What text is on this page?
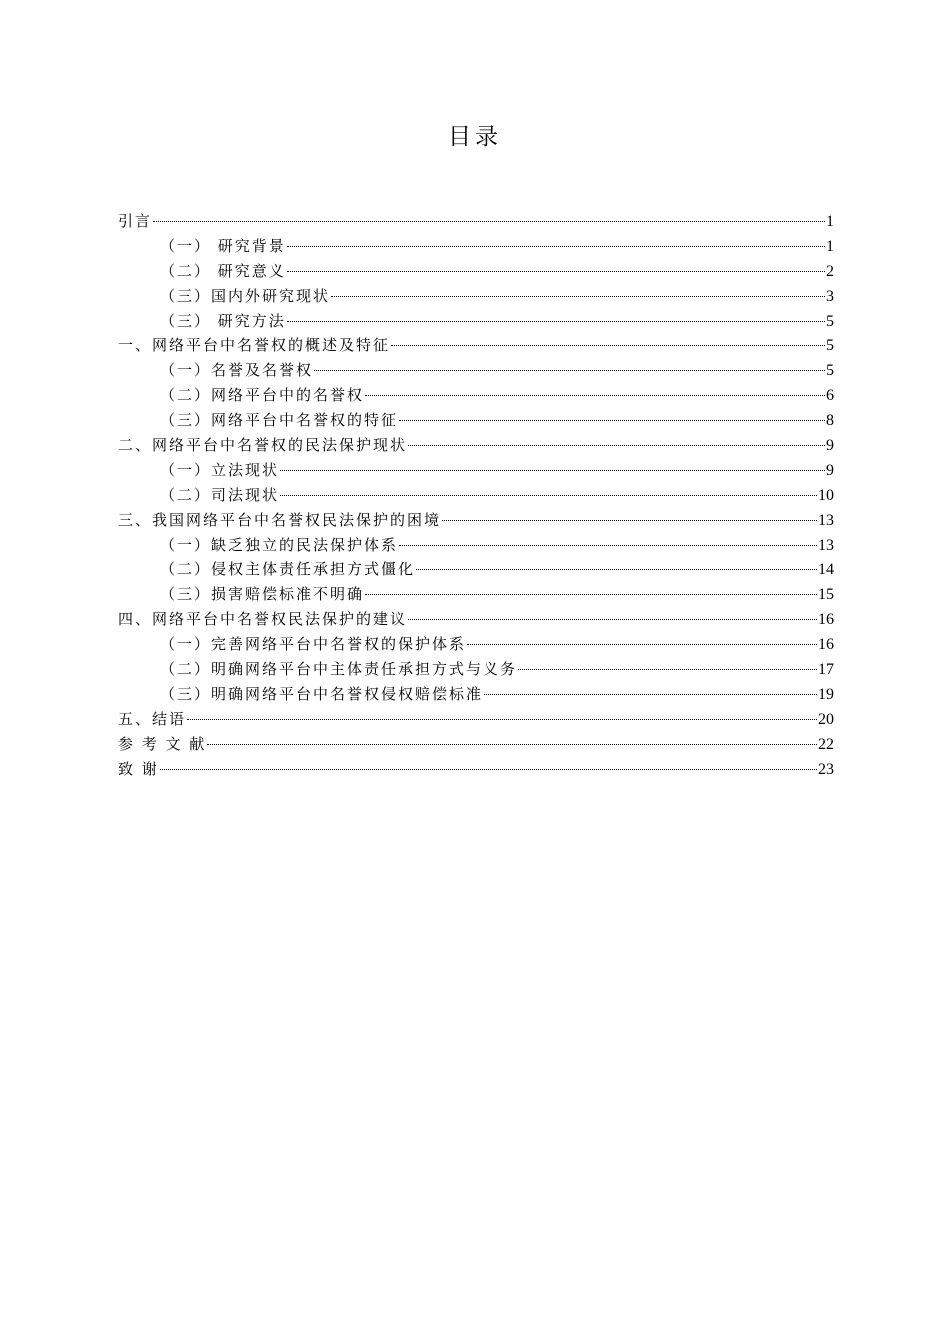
目录
引言	1
（一） 研究背景	1
（二） 研究意义	2
（三）国内外研究现状	3
（三） 研究方法	5
一、网络平台中名誉权的概述及特征	5
（一）名誉及名誉权	5
（二）网络平台中的名誉权	6
（三）网络平台中名誉权的特征	8
二、网络平台中名誉权的民法保护现状	9
（一）立法现状	9
（二）司法现状	10
三、我国网络平台中名誉权民法保护的困境	13
（一）缺乏独立的民法保护体系	13
（二）侵权主体责任承担方式僵化	14
（三）损害赔偿标准不明确	15
四、网络平台中名誉权民法保护的建议	16
（一）完善网络平台中名誉权的保护体系	16
（二）明确网络平台中主体责任承担方式与义务	17
（三）明确网络平台中名誉权侵权赔偿标准	19
五、结语	20
参 考 文 献	22
致 谢	23
